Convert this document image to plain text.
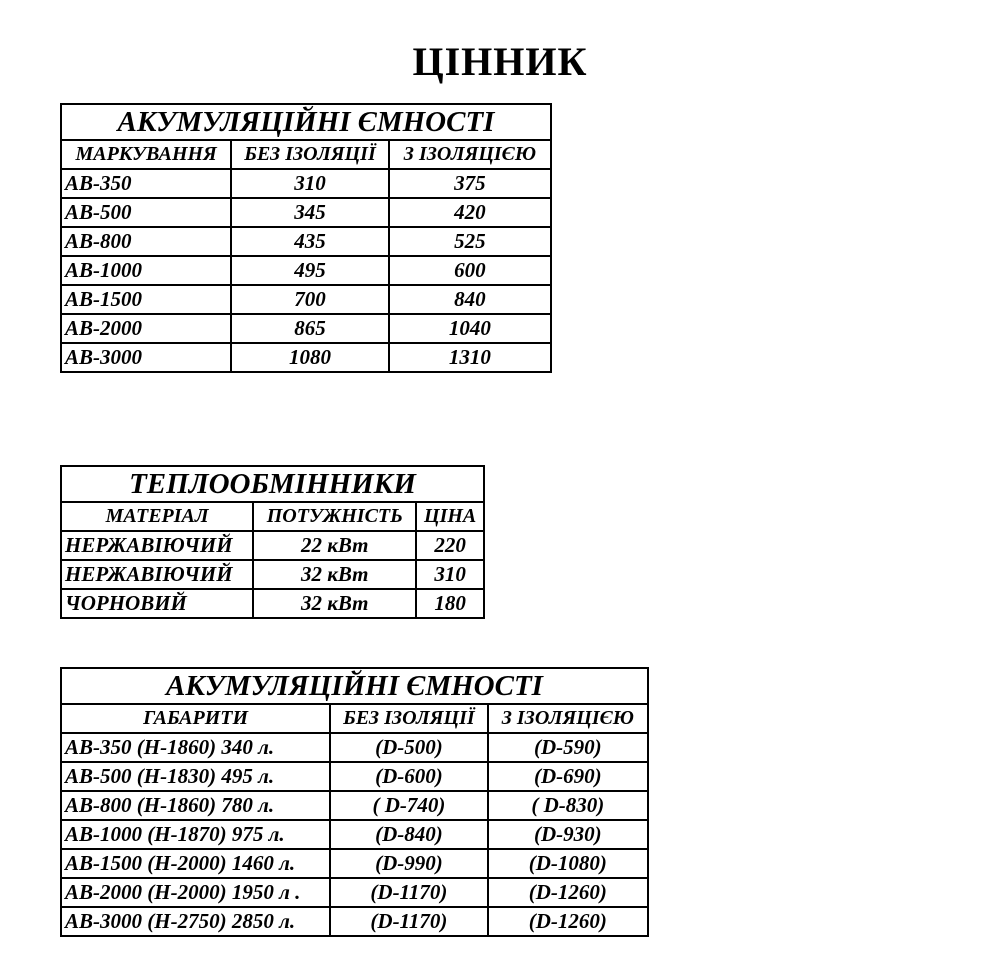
ЦІННИК
АКУМУЛЯЦІЙНІ ЄМНОСТІ		
МАРКУВАННЯ	БЕЗ ІЗОЛЯЦІЇ	З ІЗОЛЯЦІЄЮ
АВ-350	310	375
АВ-500	345	420
АВ-800	435	525
АВ-1000	495	600
АВ-1500	700	840
АВ-2000	865	1040
АВ-3000	1080	1310
ТЕПЛООБМІННИКИ		
МАТЕРІАЛ	ПОТУЖНІСТЬ	ЦІНА
НЕРЖАВІЮЧИЙ	22 кВт	220
НЕРЖАВІЮЧИЙ	32 кВт	310
ЧОРНОВИЙ	32 кВт	180
АКУМУЛЯЦІЙНІ ЄМНОСТІ		
ГАБАРИТИ	БЕЗ ІЗОЛЯЦІЇ	З ІЗОЛЯЦІЄЮ
АВ-350 (Н-1860) 340 л.	(D-500)	(D-590)
АВ-500 (Н-1830) 495 л.	(D-600)	(D-690)
АВ-800 (Н-1860) 780 л.	( D-740)	( D-830)
АВ-1000 (Н-1870) 975 л.	(D-840)	(D-930)
АВ-1500 (Н-2000) 1460 л.	(D-990)	(D-1080)
АВ-2000 (Н-2000) 1950 л .	(D-1170)	(D-1260)
АВ-3000 (Н-2750) 2850 л.	(D-1170)	(D-1260)
